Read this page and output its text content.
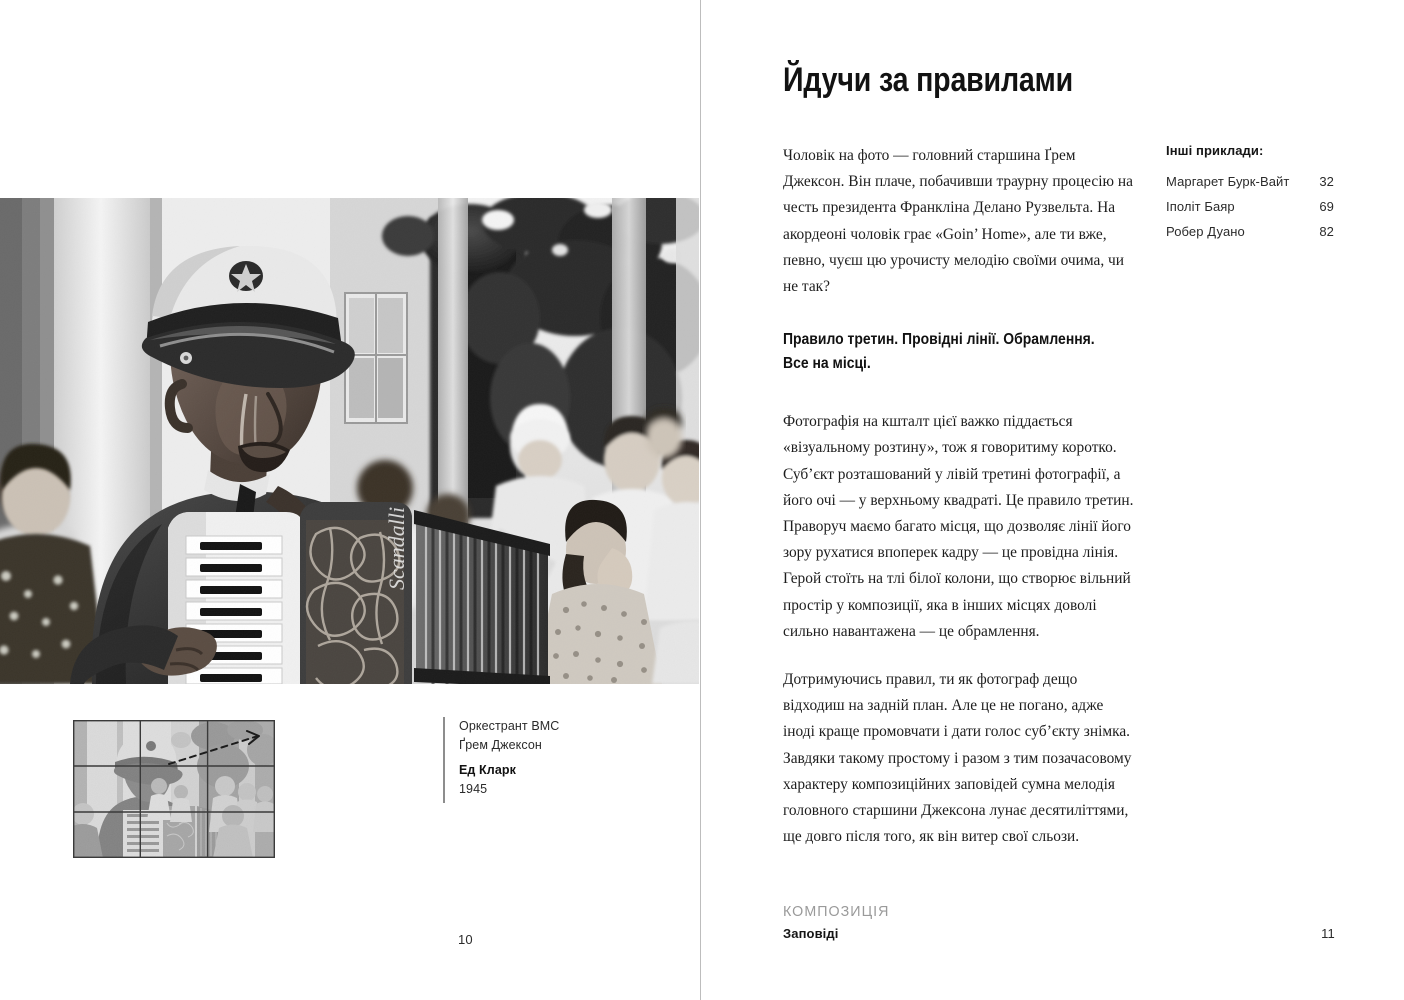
Оркестрант ВМС
Ґрем Джексон
Ед Кларк
1945
10
Йдучи за правилами

Чоловік на фото — головний старшина Ґрем Джексон. Він плаче, побачивши траурну процесію на честь президента Франкліна Делано Рузвельта. На акордеоні чоловік грає «Goin’ Home», але ти вже, певно, чуєш цю урочисту мелодію своїми очима, чи не так?

Правило третин. Провідні лінії. Обрамлення.
Все на місці.

Фотографія на кшталт цієї важко піддається «візуальному розтину», тож я говоритиму коротко. Суб’єкт розташований у лівій третині фотографії, а його очі — у верхньому квадраті. Це правило третин. Праворуч маємо багато місця, що дозволяє лінії його зору рухатися впоперек кадру — це провідна лінія. Герой стоїть на тлі білої колони, що створює вільний простір у композиції, яка в інших місцях доволі сильно навантажена — це обрамлення.

Дотримуючись правил, ти як фотограф дещо відходиш на задній план. Але це не погано, адже іноді краще промовчати і дати голос суб’єкту знімка. Завдяки такому простому і разом з тим позачасовому характеру композиційних заповідей сумна мелодія головного старшини Джексона лунає десятиліттями, ще довго після того, як він витер свої сльози.

Інші приклади:
Маргарет Бурк-Вайт 32
Іполіт Баяр	69
Робер Дуано	82
КОМПОЗИЦІЯ
Заповіді	11
